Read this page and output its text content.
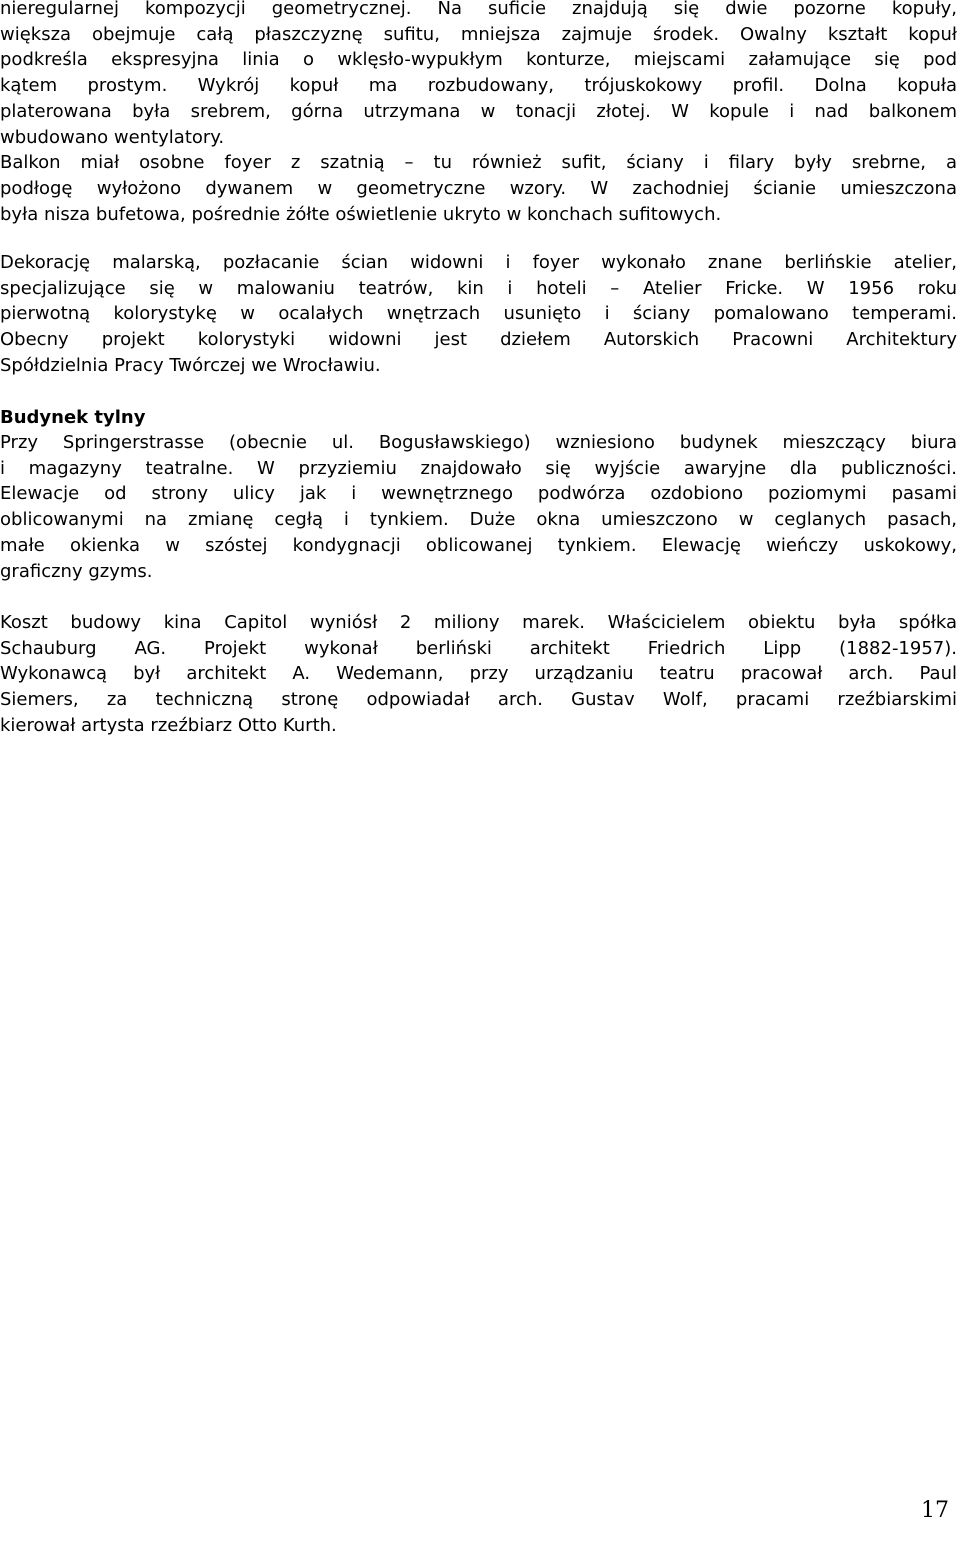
nieregularnej kompozycji geometrycznej. Na suficie znajdują się dwie pozorne kopuły,
większa obejmuje całą płaszczyznę sufitu, mniejsza zajmuje środek. Owalny kształt kopuł
podkreśla ekspresyjna linia o wklęsło-wypukłym konturze, miejscami załamujące się pod
kątem prostym. Wykrój kopuł ma rozbudowany, trójuskokowy profil. Dolna kopuła
platerowana była srebrem, górna utrzymana w tonacji złotej. W kopule i nad balkonem
wbudowano wentylatory.
Balkon miał osobne foyer z szatnią – tu również sufit, ściany i filary były srebrne, a
podłogę wyłożono dywanem w geometryczne wzory. W zachodniej ścianie umieszczona
była nisza bufetowa, pośrednie żółte oświetlenie ukryto w konchach sufitowych.
Dekorację malarską, pozłacanie ścian widowni i foyer wykonało znane berlińskie atelier,
specjalizujące się w malowaniu teatrów, kin i hoteli – Atelier Fricke. W 1956 roku
pierwotną kolorystykę w ocalałych wnętrzach usunięto i ściany pomalowano temperami.
Obecny projekt kolorystyki widowni jest dziełem Autorskich Pracowni Architektury
Spółdzielnia Pracy Twórczej we Wrocławiu.
Budynek tylny
Przy Springerstrasse (obecnie ul. Bogusławskiego) wzniesiono budynek mieszczący biura
i magazyny teatralne. W przyziemiu znajdowało się wyjście awaryjne dla publiczności.
Elewacje od strony ulicy jak i wewnętrznego podwórza ozdobiono poziomymi pasami
oblicowanymi na zmianę cegłą i tynkiem. Duże okna umieszczono w ceglanych pasach,
małe okienka w szóstej kondygnacji oblicowanej tynkiem. Elewację wieńczy uskokowy,
graficzny gzyms.
Koszt budowy kina Capitol wyniósł 2 miliony marek. Właścicielem obiektu była spółka
Schauburg AG. Projekt wykonał berliński architekt Friedrich Lipp (1882-1957).
Wykonawcą był architekt A. Wedemann, przy urządzaniu teatru pracował arch. Paul
Siemers, za techniczną stronę odpowiadał arch. Gustav Wolf, pracami rzeźbiarskimi
kierował artysta rzeźbiarz Otto Kurth.
17
